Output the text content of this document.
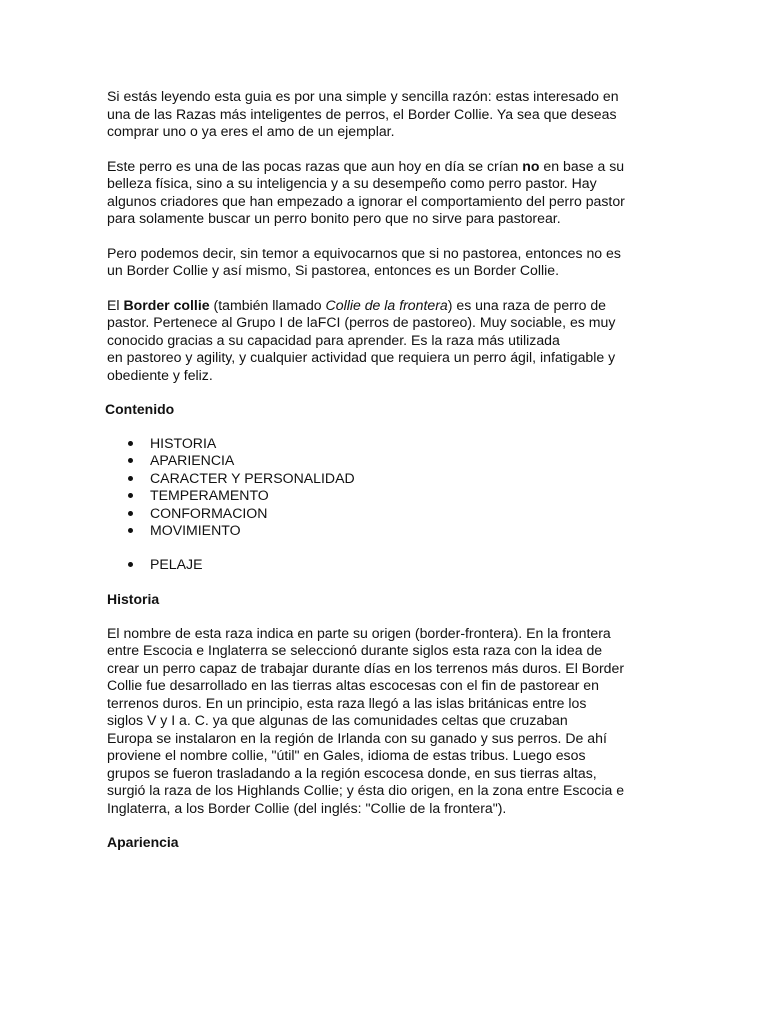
Si estás leyendo esta guia es por una simple y sencilla razón: estas interesado en
una de las Razas más inteligentes de perros, el Border Collie. Ya sea que deseas
comprar uno o ya eres el amo de un ejemplar.

Este perro es una de las pocas razas que aun hoy en día se crían no en base a su
belleza física, sino a su inteligencia y a su desempeño como perro pastor. Hay
algunos criadores que han empezado a ignorar el comportamiento del perro pastor
para solamente buscar un perro bonito pero que no sirve para pastorear.

Pero podemos decir, sin temor a equivocarnos que si no pastorea, entonces no es
un Border Collie y así mismo, Si pastorea, entonces es un Border Collie.

El Border collie (también llamado Collie de la frontera) es una raza de perro de
pastor. Pertenece al Grupo I de laFCI (perros de pastoreo). Muy sociable, es muy
conocido gracias a su capacidad para aprender. Es la raza más utilizada
en pastoreo y agility, y cualquier actividad que requiera un perro ágil, infatigable y
obediente y feliz.

Contenido
HISTORIA
APARIENCIA
CARACTER Y PERSONALIDAD
TEMPERAMENTO
CONFORMACION
MOVIMIENTO
PELAJE
Historia

El nombre de esta raza indica en parte su origen (border-frontera). En la frontera
entre Escocia e Inglaterra se seleccionó durante siglos esta raza con la idea de
crear un perro capaz de trabajar durante días en los terrenos más duros. El Border
Collie fue desarrollado en las tierras altas escocesas con el fin de pastorear en
terrenos duros. En un principio, esta raza llegó a las islas británicas entre los
siglos V y I a. C. ya que algunas de las comunidades celtas que cruzaban
Europa se instalaron en la región de Irlanda con su ganado y sus perros. De ahí
proviene el nombre collie, "útil" en Gales, idioma de estas tribus. Luego esos
grupos se fueron trasladando a la región escocesa donde, en sus tierras altas,
surgió la raza de los Highlands Collie; y ésta dio origen, en la zona entre Escocia e
Inglaterra, a los Border Collie (del inglés: "Collie de la frontera").

Apariencia
